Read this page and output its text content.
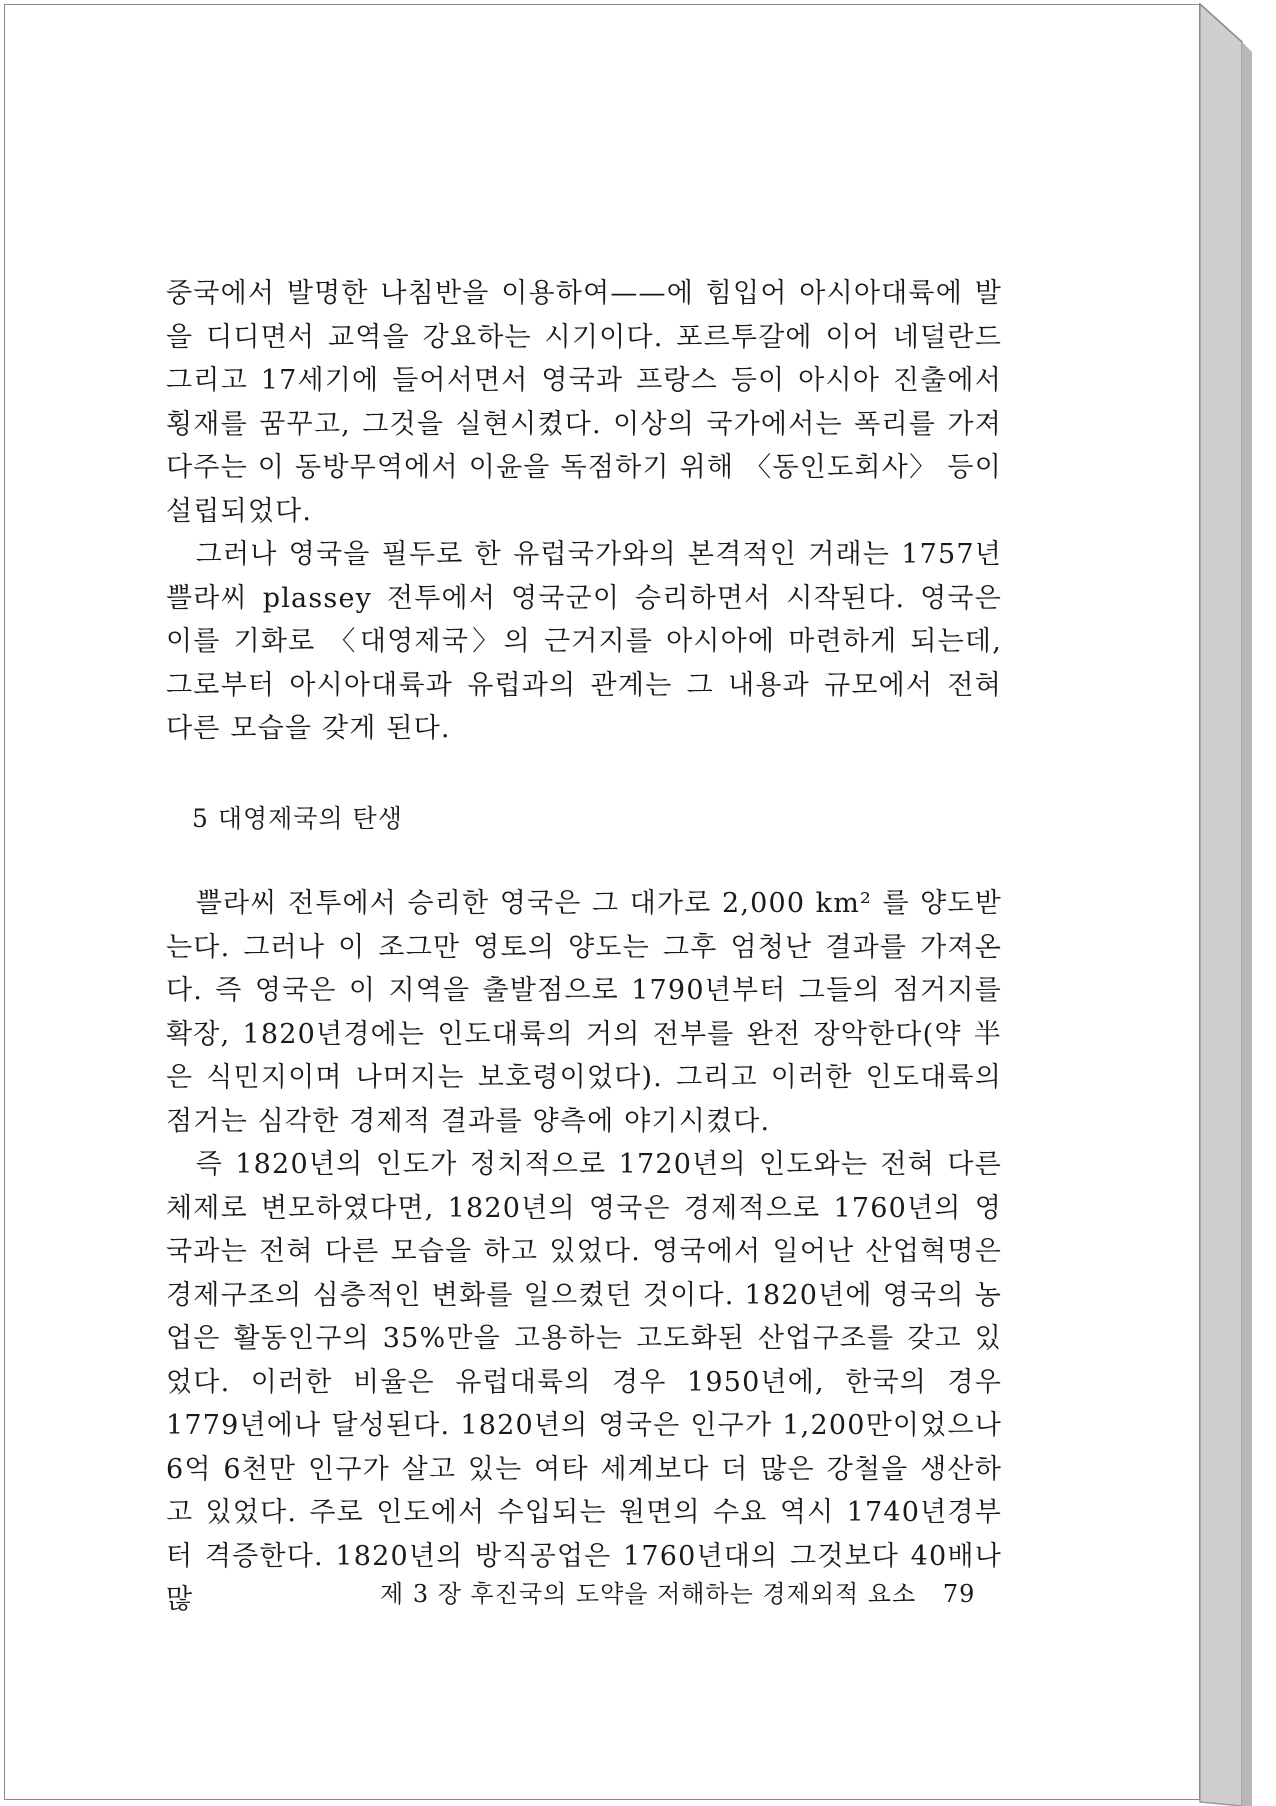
중국에서 발명한 나침반을 이용하여——에 힘입어 아시아대륙에 발을 디디면서 교역을 강요하는 시기이다. 포르투갈에 이어 네덜란드 그리고 17세기에 들어서면서 영국과 프랑스 등이 아시아 진출에서 횡재를 꿈꾸고, 그것을 실현시켰다. 이상의 국가에서는 폭리를 가져다주는 이 동방무역에서 이윤을 독점하기 위해 〈동인도회사〉 등이 설립되었다.

그러나 영국을 필두로 한 유럽국가와의 본격적인 거래는 1757년 쁠라씨 plassey 전투에서 영국군이 승리하면서 시작된다. 영국은 이를 기화로 〈대영제국〉의 근거지를 아시아에 마련하게 되는데, 그로부터 아시아대륙과 유럽과의 관계는 그 내용과 규모에서 전혀 다른 모습을 갖게 된다.

5 대영제국의 탄생

쁠라씨 전투에서 승리한 영국은 그 대가로 2,000 km² 를 양도받는다. 그러나 이 조그만 영토의 양도는 그후 엄청난 결과를 가져온다. 즉 영국은 이 지역을 출발점으로 1790년부터 그들의 점거지를 확장, 1820년경에는 인도대륙의 거의 전부를 완전 장악한다(약 半은 식민지이며 나머지는 보호령이었다). 그리고 이러한 인도대륙의 점거는 심각한 경제적 결과를 양측에 야기시켰다.

즉 1820년의 인도가 정치적으로 1720년의 인도와는 전혀 다른 체제로 변모하였다면, 1820년의 영국은 경제적으로 1760년의 영국과는 전혀 다른 모습을 하고 있었다. 영국에서 일어난 산업혁명은 경제구조의 심층적인 변화를 일으켰던 것이다. 1820년에 영국의 농업은 활동인구의 35%만을 고용하는 고도화된 산업구조를 갖고 있었다. 이러한 비율은 유럽대륙의 경우 1950년에, 한국의 경우 1779년에나 달성된다. 1820년의 영국은 인구가 1,200만이었으나 6억 6천만 인구가 살고 있는 여타 세계보다 더 많은 강철을 생산하고 있었다. 주로 인도에서 수입되는 원면의 수요 역시 1740년경부터 격증한다. 1820년의 방직공업은 1760년대의 그것보다 40배나 많	제 3 장 후진국의 도약을 저해하는 경제외적 요소 79
